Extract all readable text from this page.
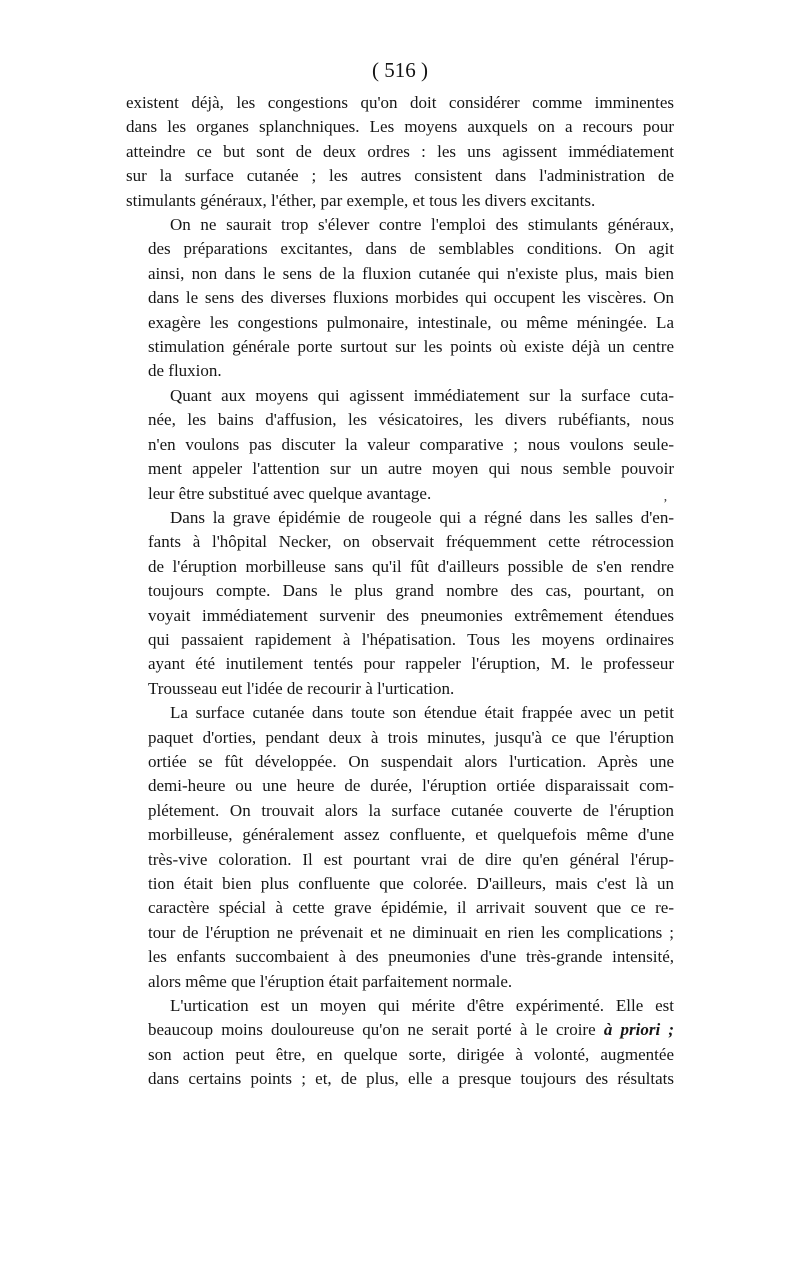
( 516 )
existent déjà, les congestions qu'on doit considérer comme imminentes
dans les organes splanchniques. Les moyens auxquels on a recours pour
atteindre ce but sont de deux ordres : les uns agissent immédiatement
sur la surface cutanée ; les autres consistent dans l'administration de
stimulants généraux, l'éther, par exemple, et tous les divers excitants.
On ne saurait trop s'élever contre l'emploi des stimulants généraux,
des préparations excitantes, dans de semblables conditions. On agit
ainsi, non dans le sens de la fluxion cutanée qui n'existe plus, mais bien
dans le sens des diverses fluxions morbides qui occupent les viscères. On
exagère les congestions pulmonaire, intestinale, ou même méningée. La
stimulation générale porte surtout sur les points où existe déjà un centre
de fluxion.
Quant aux moyens qui agissent immédiatement sur la surface cuta-
née, les bains d'affusion, les vésicatoires, les divers rubéfiants, nous
n'en voulons pas discuter la valeur comparative ; nous voulons seule-
ment appeler l'attention sur un autre moyen qui nous semble pouvoir
leur être substitué avec quelque avantage.
Dans la grave épidémie de rougeole qui a régné dans les salles d'en-
fants à l'hôpital Necker, on observait fréquemment cette rétrocession
de l'éruption morbilleuse sans qu'il fût d'ailleurs possible de s'en rendre
toujours compte. Dans le plus grand nombre des cas, pourtant, on
voyait immédiatement survenir des pneumonies extrêmement étendues
qui passaient rapidement à l'hépatisation. Tous les moyens ordinaires
ayant été inutilement tentés pour rappeler l'éruption, M. le professeur
Trousseau eut l'idée de recourir à l'urtication.
La surface cutanée dans toute son étendue était frappée avec un petit
paquet d'orties, pendant deux à trois minutes, jusqu'à ce que l'éruption
ortiée se fût développée. On suspendait alors l'urtication. Après une
demi-heure ou une heure de durée, l'éruption ortiée disparaissait com-
plétement. On trouvait alors la surface cutanée couverte de l'éruption
morbilleuse, généralement assez confluente, et quelquefois même d'une
très-vive coloration. Il est pourtant vrai de dire qu'en général l'érup-
tion était bien plus confluente que colorée. D'ailleurs, mais c'est là un
caractère spécial à cette grave épidémie, il arrivait souvent que ce re-
tour de l'éruption ne prévenait et ne diminuait en rien les complications ;
les enfants succombaient à des pneumonies d'une très-grande intensité,
alors même que l'éruption était parfaitement normale.
L'urtication est un moyen qui mérite d'être expérimenté. Elle est
beaucoup moins douloureuse qu'on ne serait porté à le croire à priori ;
son action peut être, en quelque sorte, dirigée à volonté, augmentée
dans certains points ; et, de plus, elle a presque toujours des résultats
’
